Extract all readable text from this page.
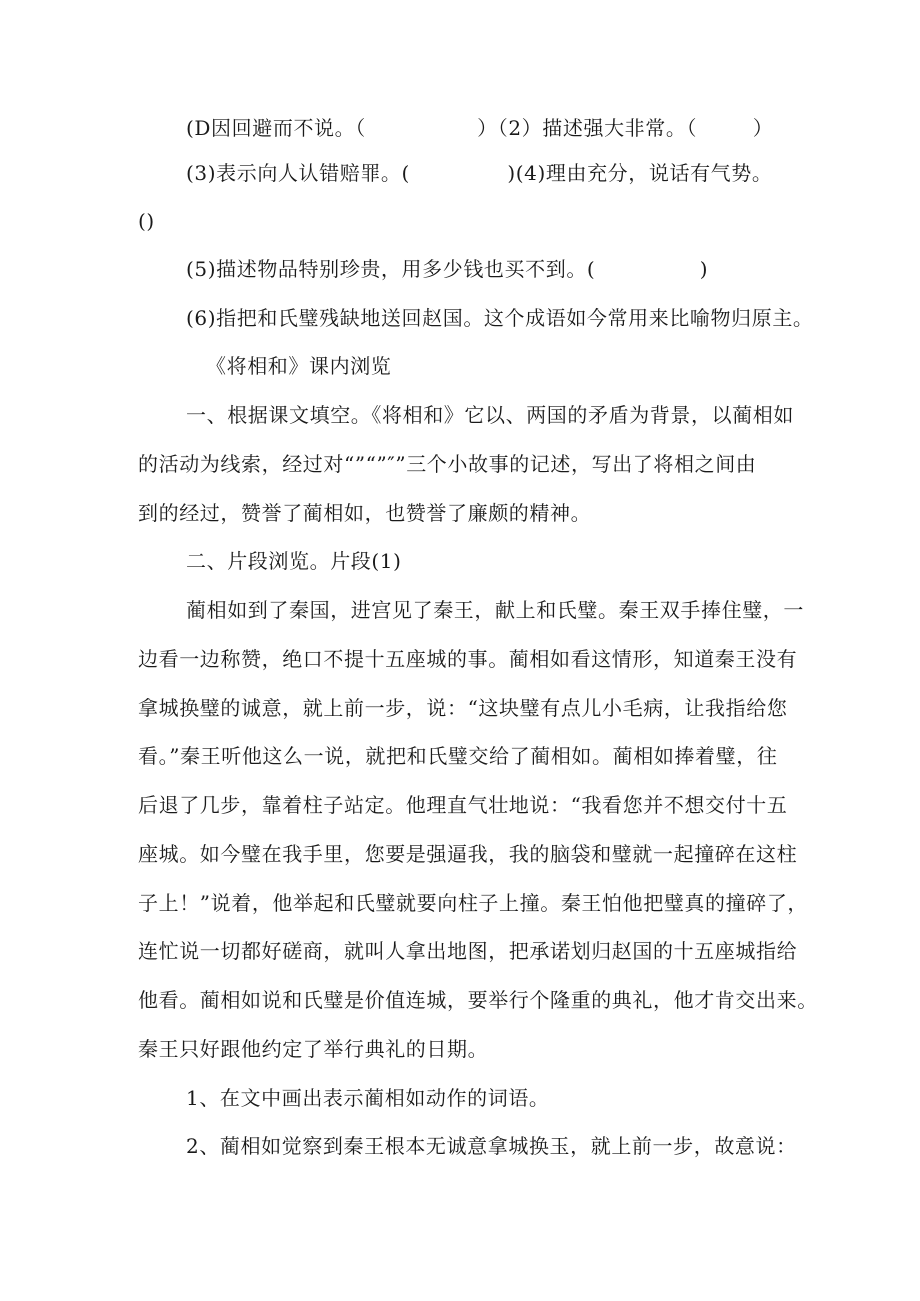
(D因回避而不说。（                ）（2）描述强大非常。（        ）
(3)表示向人认错赔罪。(              )(4)理由充分，说话有气势。
()
(5)描述物品特别珍贵，用多少钱也买不到。(               )
(6)指把和氏璧残缺地送回赵国。这个成语如今常用来比喻物归原主。
《将相和》课内浏览
一、根据课文填空。《将相和》它以、两国的矛盾为背景，以蔺相如
的活动为线索，经过对“”“”″”三个小故事的记述，写出了将相之间由
到的经过，赞誉了蔺相如，也赞誉了廉颇的精神。
二、片段浏览。片段(1)
蔺相如到了秦国，进宫见了秦王，献上和氏璧。秦王双手捧住璧，一
边看一边称赞，绝口不提十五座城的事。蔺相如看这情形，知道秦王没有
拿城换璧的诚意，就上前一步，说：“这块璧有点儿小毛病，让我指给您
看。”秦王听他这么一说，就把和氏璧交给了蔺相如。蔺相如捧着璧，往
后退了几步，靠着柱子站定。他理直气壮地说：“我看您并不想交付十五
座城。如今璧在我手里，您要是强逼我，我的脑袋和璧就一起撞碎在这柱
子上！”说着，他举起和氏璧就要向柱子上撞。秦王怕他把璧真的撞碎了，
连忙说一切都好磋商，就叫人拿出地图，把承诺划归赵国的十五座城指给
他看。蔺相如说和氏璧是价值连城，要举行个隆重的典礼，他才肯交出来。
秦王只好跟他约定了举行典礼的日期。
1、在文中画出表示蔺相如动作的词语。
2、蔺相如觉察到秦王根本无诚意拿城换玉，就上前一步，故意说：
